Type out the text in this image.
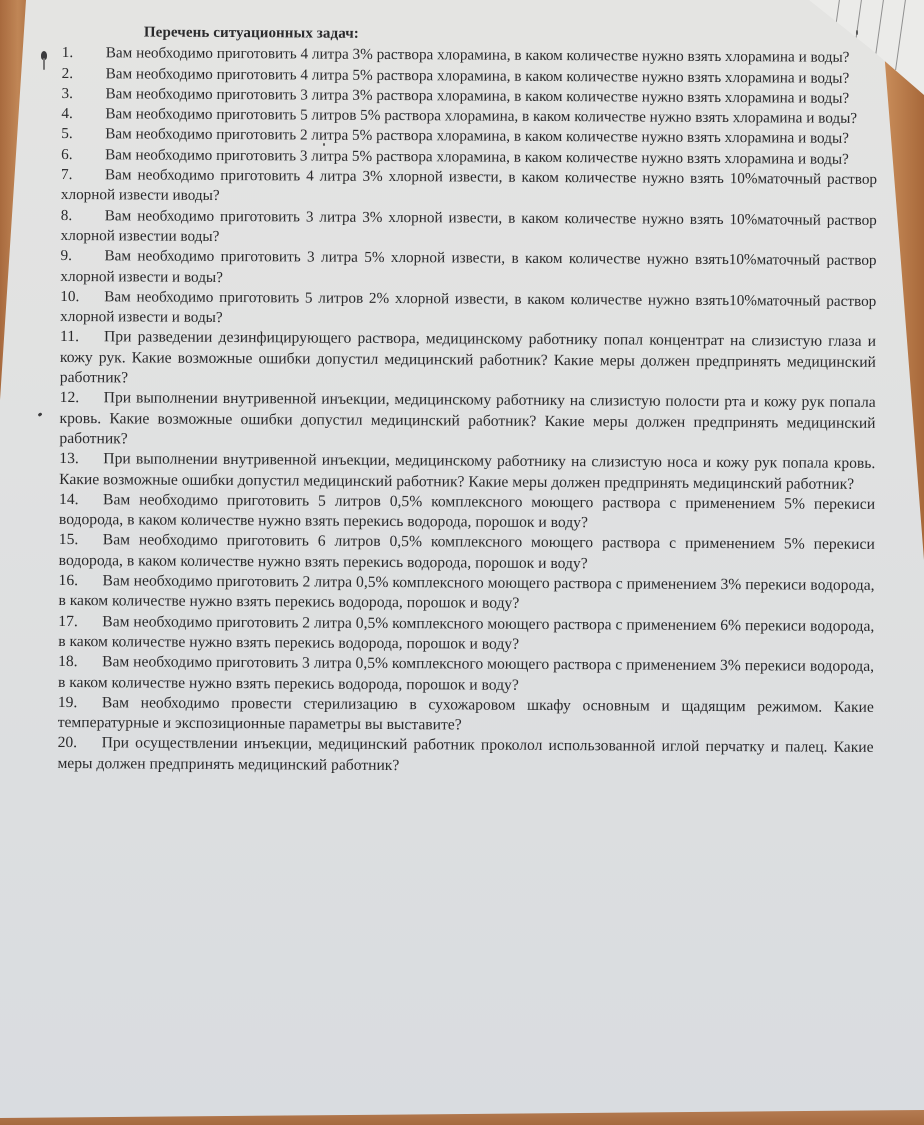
Перечень ситуационных задач:

1. Вам необходимо приготовить 4 литра 3% раствора хлорамина, в каком количестве нужно взять хлорамина и воды?

2. Вам необходимо приготовить 4 литра 5% раствора хлорамина, в каком количестве нужно взять хлорамина и воды?

3. Вам необходимо приготовить 3 литра 3% раствора хлорамина, в каком количестве нужно взять хлорамина и воды?

4. Вам необходимо приготовить 5 литров 5% раствора хлорамина, в каком количестве нужно взять хлорамина и воды?

5. Вам необходимо приготовить 2 литра 5% раствора хлорамина, в каком количестве нужно взять хлорамина и воды?

6. Вам необходимо приготовить 3 литра 5% раствора хлорамина, в каком количестве нужно взять хлорамина и воды?

7. Вам необходимо приготовить 4 литра 3% хлорной извести, в каком количестве нужно взять 10%маточный раствор хлорной извести иводы?

8. Вам необходимо приготовить 3 литра 3% хлорной извести, в каком количестве нужно взять 10%маточный раствор хлорной известии воды?

9. Вам необходимо приготовить 3 литра 5% хлорной извести, в каком количестве нужно взять10%маточный раствор хлорной извести и воды?

10. Вам необходимо приготовить 5 литров 2% хлорной извести, в каком количестве нужно взять10%маточный раствор хлорной извести и воды?

11. При разведении дезинфицирующего раствора, медицинскому работнику попал концентрат на слизистую глаза и кожу рук. Какие возможные ошибки допустил медицинский работник? Какие меры должен предпринять медицинский работник?

12. При выполнении внутривенной инъекции, медицинскому работнику на слизистую полости рта и кожу рук попала кровь. Какие возможные ошибки допустил медицинский работник? Какие меры должен предпринять медицинский работник?

13. При выполнении внутривенной инъекции, медицинскому работнику на слизистую носа и кожу рук попала кровь. Какие возможные ошибки допустил медицинский работник? Какие меры должен предпринять медицинский работник?

14. Вам необходимо приготовить 5 литров 0,5% комплексного моющего раствора с применением 5% перекиси водорода, в каком количестве нужно взять перекись водорода, порошок и воду?

15. Вам необходимо приготовить 6 литров 0,5% комплексного моющего раствора с применением 5% перекиси водорода, в каком количестве нужно взять перекись водорода, порошок и воду?

16. Вам необходимо приготовить 2 литра 0,5% комплексного моющего раствора с применением 3% перекиси водорода, в каком количестве нужно взять перекись водорода, порошок и воду?

17. Вам необходимо приготовить 2 литра 0,5% комплексного моющего раствора с применением 6% перекиси водорода, в каком количестве нужно взять перекись водорода, порошок и воду?

18. Вам необходимо приготовить 3 литра 0,5% комплексного моющего раствора с применением 3% перекиси водорода, в каком количестве нужно взять перекись водорода, порошок и воду?

19. Вам необходимо провести стерилизацию в сухожаровом шкафу основным и щадящим режимом. Какие температурные и экспозиционные параметры вы выставите?

20. При осуществлении инъекции, медицинский работник проколол использованной иглой перчатку и палец. Какие меры должен предпринять медицинский работник?
